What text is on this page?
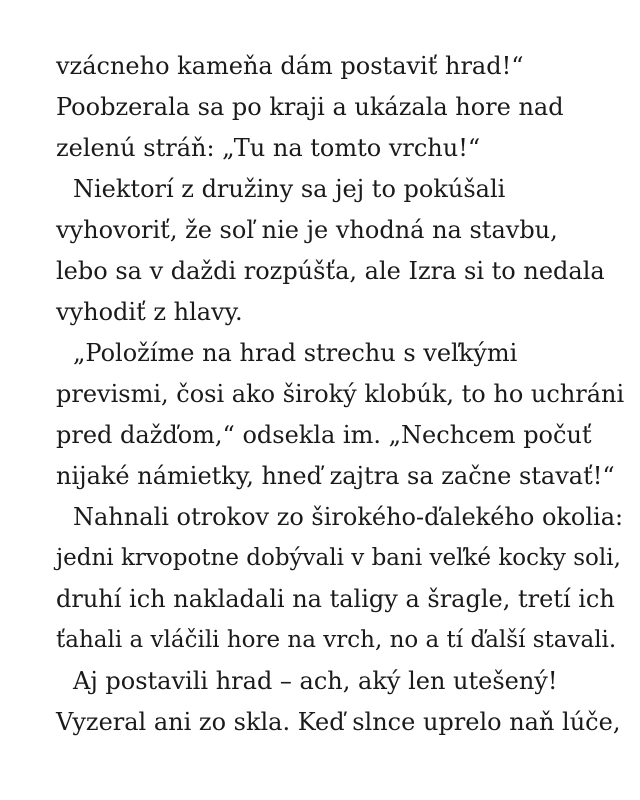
vzácneho kameňa dám postaviť hrad!“
Poobzerala sa po kraji a ukázala hore nad
zelenú stráň: „Tu na tomto vrchu!“
Niektorí z družiny sa jej to pokúšali
vyhovoriť, že soľ nie je vhodná na stavbu,
lebo sa v daždi rozpúšťa, ale Izra si to nedala
vyhodiť z hlavy.
„Položíme na hrad strechu s veľkými
prevismi, čosi ako široký klobúk, to ho uchráni
pred dažďom,“ odsekla im. „Nechcem počuť
nijaké námietky, hneď zajtra sa začne stavať!“
Nahnali otrokov zo širokého-ďalekého okolia:
jedni krvopotne dobývali v bani veľké kocky soli,
druhí ich nakladali na taligy a šragle, tretí ich
ťahali a vláčili hore na vrch, no a tí ďalší stavali.
Aj postavili hrad – ach, aký len utešený!
Vyzeral ani zo skla. Keď slnce uprelo naň lúče,
